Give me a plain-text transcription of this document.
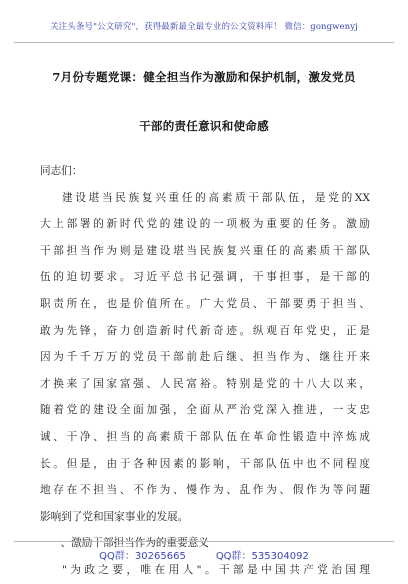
关注头条号"公文研究"，获得最新最全最专业的公文资料库！ 微信：gongwenyj
7月份专题党课：健全担当作为激励和保护机制，激发党员
干部的责任意识和使命感
同志们：
建设堪当民族复兴重任的高素质干部队伍，是党的XX
大上部署的新时代党的建设的一项极为重要的任务。激励
干部担当作为则是建设堪当民族复兴重任的高素质干部队
伍的迫切要求。习近平总书记强调，干事担事，是干部的
职责所在，也是价值所在。广大党员、干部要勇于担当、
敢为先锋，奋力创造新时代新奇迹。纵观百年党史，正是
因为千千万万的党员干部前赴后继、担当作为、继往开来
才换来了国家富强、人民富裕。特别是党的十八大以来，
随着党的建设全面加强，全面从严治党深入推进，一支忠
诚、干净、担当的高素质干部队伍在革命性锻造中淬炼成
长。但是，由于各种因素的影响，干部队伍中也不同程度
地存在不担当、不作为、慢作为、乱作为、假作为等问题
影响到了党和国家事业的发展。
一、激励干部担当作为的重要意义
"为政之要，唯在用人"。干部是中国共产党治国理
QQ群：30265665	QQ群：535304092
